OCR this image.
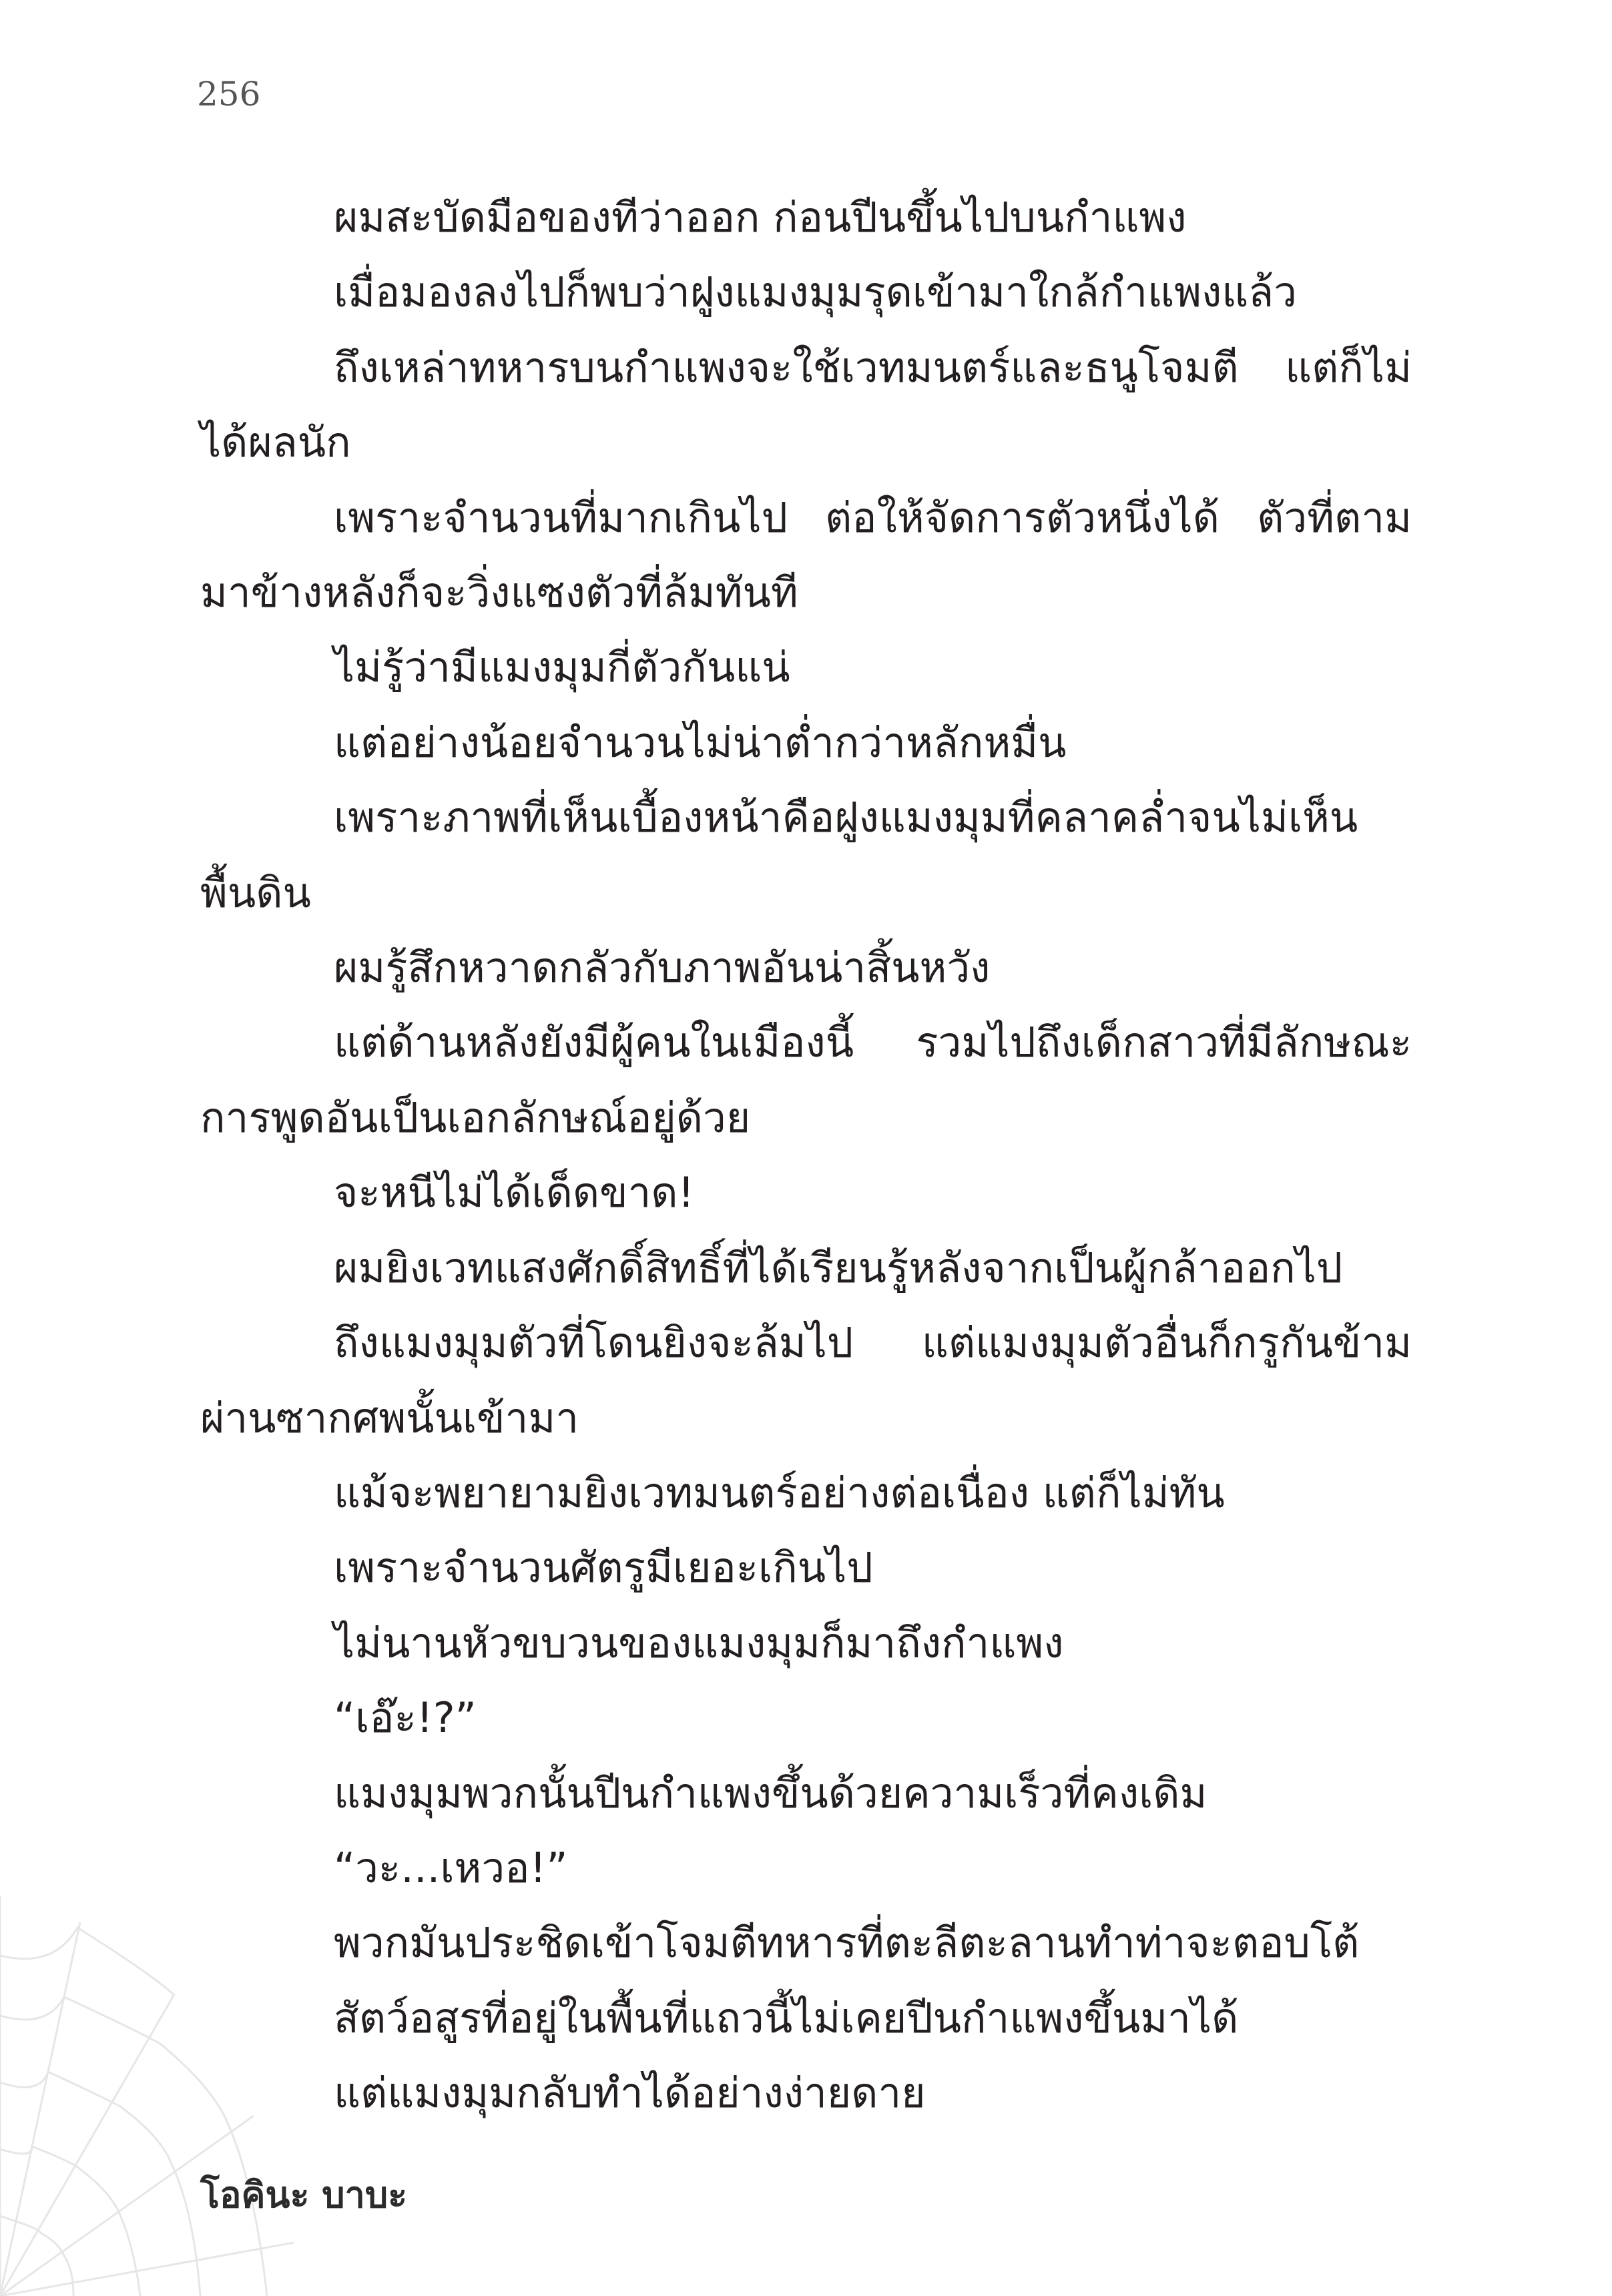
256

ผมสะบัดมือของทีว่าออก ก่อนปีนขึ้นไปบนกำแพง

เมื่อมองลงไปก็พบว่าฝูงแมงมุมรุดเข้ามาใกล้กำแพงแล้ว

ถึงเหล่าทหารบนกำแพงจะใช้เวทมนตร์และธนูโจมตี แต่ก็ไม่ได้ผลนัก

เพราะจำนวนที่มากเกินไป ต่อให้จัดการตัวหนึ่งได้ ตัวที่ตามมาข้างหลังก็จะวิ่งแซงตัวที่ล้มทันที

ไม่รู้ว่ามีแมงมุมกี่ตัวกันแน่

แต่อย่างน้อยจำนวนไม่น่าต่ำกว่าหลักหมื่น

เพราะภาพที่เห็นเบื้องหน้าคือฝูงแมงมุมที่คลาคล่ำจนไม่เห็นพื้นดิน

ผมรู้สึกหวาดกลัวกับภาพอันน่าสิ้นหวัง

แต่ด้านหลังยังมีผู้คนในเมืองนี้ รวมไปถึงเด็กสาวที่มีลักษณะการพูดอันเป็นเอกลักษณ์อยู่ด้วย

จะหนีไม่ได้เด็ดขาด!

ผมยิงเวทแสงศักดิ์สิทธิ์ที่ได้เรียนรู้หลังจากเป็นผู้กล้าออกไป

ถึงแมงมุมตัวที่โดนยิงจะล้มไป แต่แมงมุมตัวอื่นก็กรูกันข้ามผ่านซากศพนั้นเข้ามา

แม้จะพยายามยิงเวทมนตร์อย่างต่อเนื่อง แต่ก็ไม่ทัน

เพราะจำนวนศัตรูมีเยอะเกินไป

ไม่นานหัวขบวนของแมงมุมก็มาถึงกำแพง

“เอ๊ะ!?”

แมงมุมพวกนั้นปีนกำแพงขึ้นด้วยความเร็วที่คงเดิม

“วะ...เหวอ!”

พวกมันประชิดเข้าโจมตีทหารที่ตะลีตะลานทำท่าจะตอบโต้

สัตว์อสูรที่อยู่ในพื้นที่แถวนี้ไม่เคยปีนกำแพงขึ้นมาได้

แต่แมงมุมกลับทำได้อย่างง่ายดาย

โอคินะ บาบะ
